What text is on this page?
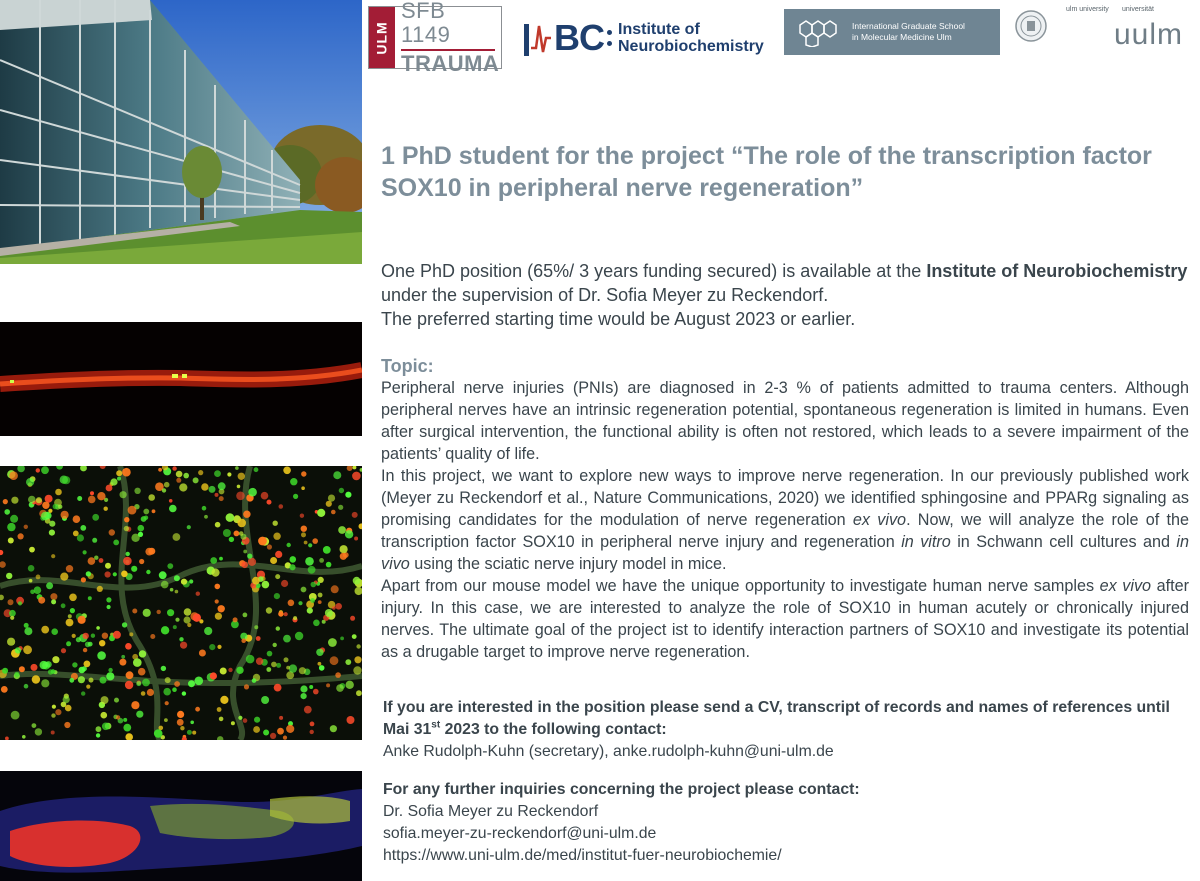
ULM
SFB 1149
TRAUMA
BC Institute of
Neurobiochemistry
International Graduate School
in Molecular Medicine Ulm
ulm university universität
uulm
1 PhD student for the project “The role of the transcription factor SOX10 in peripheral nerve regeneration”

One PhD position (65%/ 3 years funding secured) is available at the Institute of Neurobiochemistry

under the supervision of Dr. Sofia Meyer zu Reckendorf.

The preferred starting time would be August 2023 or earlier.

Topic:

Peripheral nerve injuries (PNIs) are diagnosed in 2-3 % of patients admitted to trauma centers. Although peripheral nerves have an intrinsic regeneration potential, spontaneous regeneration is limited in humans. Even after surgical intervention, the functional ability is often not restored, which leads to a severe impairment of the patients’ quality of life.

In this project, we want to explore new ways to improve nerve regeneration. In our previously published work (Meyer zu Reckendorf et al., Nature Communications, 2020) we identified sphingosine and PPARg signaling as promising candidates for the modulation of nerve regeneration ex vivo. Now, we will analyze the role of the transcription factor SOX10 in peripheral nerve injury and regeneration in vitro in Schwann cell cultures and in vivo using the sciatic nerve injury model in mice.

Apart from our mouse model we have the unique opportunity to investigate human nerve samples ex vivo after injury. In this case, we are interested to analyze the role of SOX10 in human acutely or chronically injured nerves. The ultimate goal of the project ist to identify interaction partners of SOX10 and investigate its potential as a drugable target to improve nerve regeneration.

If you are interested in the position please send a CV, transcript of records and names of references until

Mai 31st 2023 to the following contact:

Anke Rudolph-Kuhn (secretary), anke.rudolph-kuhn@uni-ulm.de

For any further inquiries concerning the project please contact:

Dr. Sofia Meyer zu Reckendorf

sofia.meyer-zu-reckendorf@uni-ulm.de

https://www.uni-ulm.de/med/institut-fuer-neurobiochemie/
